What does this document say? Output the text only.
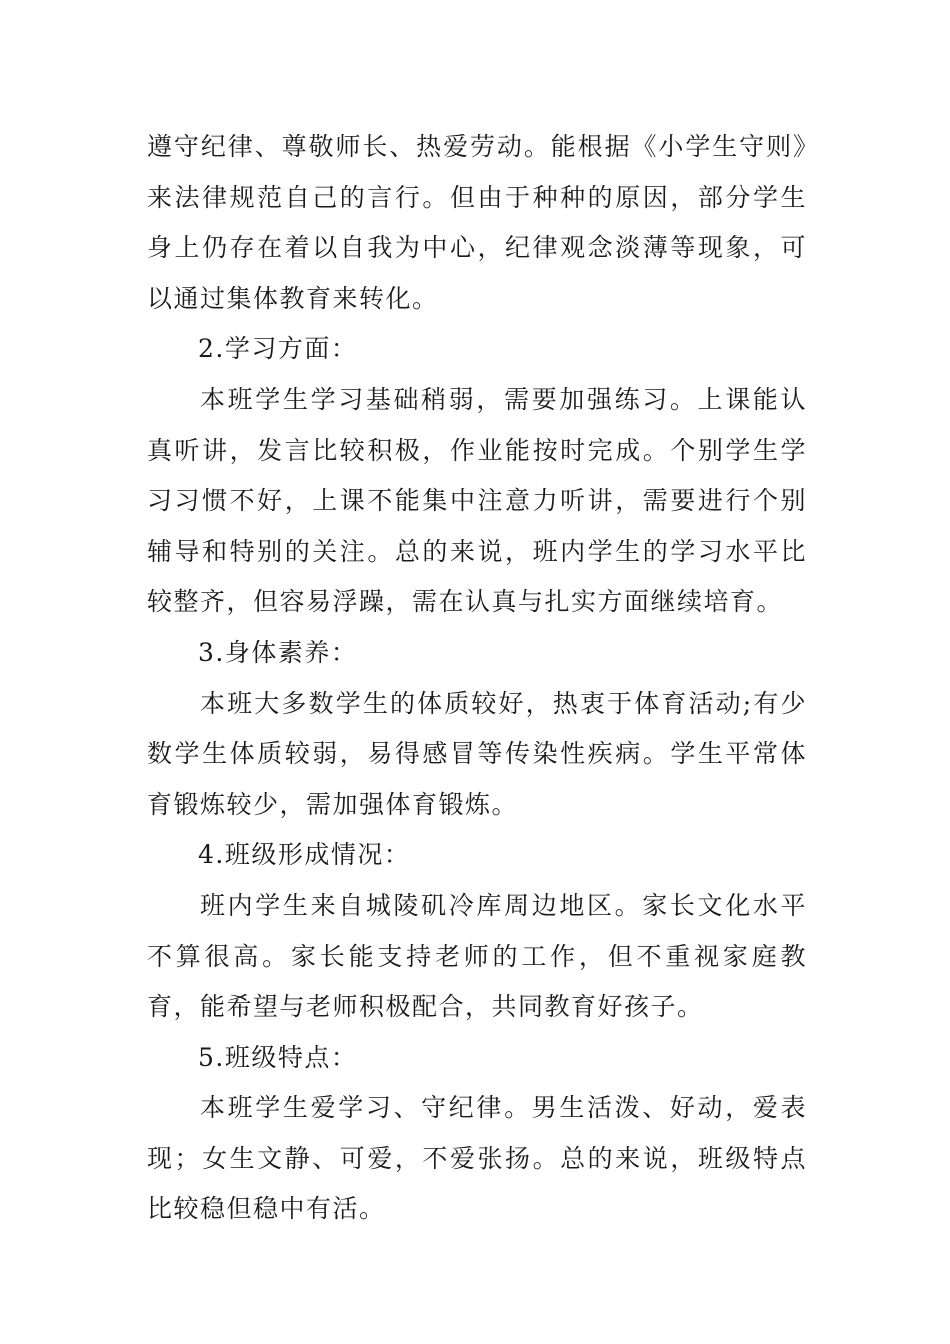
遵守纪律、尊敬师长、热爱劳动。能根据《小学生守则》来法律规范自己的言行。但由于种种的原因，部分学生身上仍存在着以自我为中心，纪律观念淡薄等现象，可以通过集体教育来转化。

2.学习方面：

本班学生学习基础稍弱，需要加强练习。上课能认真听讲，发言比较积极，作业能按时完成。个别学生学习习惯不好，上课不能集中注意力听讲，需要进行个别辅导和特别的关注。总的来说，班内学生的学习水平比较整齐，但容易浮躁，需在认真与扎实方面继续培育。

3.身体素养：

本班大多数学生的体质较好，热衷于体育活动;有少数学生体质较弱，易得感冒等传染性疾病。学生平常体育锻炼较少，需加强体育锻炼。

4.班级形成情况：

班内学生来自城陵矶冷库周边地区。家长文化水平不算很高。家长能支持老师的工作，但不重视家庭教育，能希望与老师积极配合，共同教育好孩子。

5.班级特点：

本班学生爱学习、守纪律。男生活泼、好动，爱表现；女生文静、可爱，不爱张扬。总的来说，班级特点比较稳但稳中有活。
